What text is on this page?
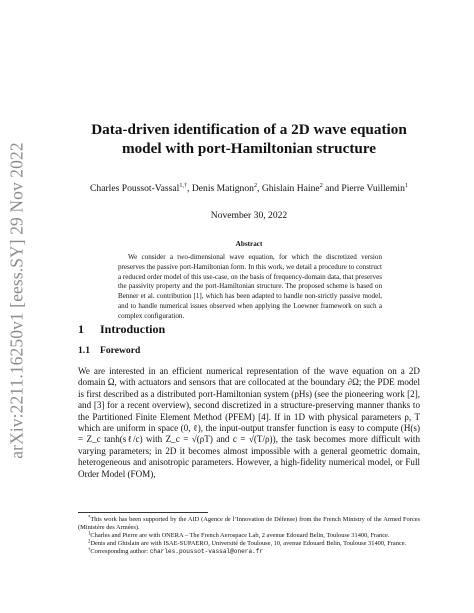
arXiv:2211.16250v1 [eess.SY] 29 Nov 2022
Data-driven identification of a 2D wave equation model with port-Hamiltonian structure
Charles Poussot-Vassal$^{1,\dagger}$, Denis Matignon$^2$, Ghislain Haine$^2$ and Pierre Vuillemin$^1$
November 30, 2022
Abstract
We consider a two-dimensional wave equation, for which the discretized version preserves the passive port-Hamiltonian form. In this work, we detail a procedure to construct a reduced order model of this use-case, on the basis of frequency-domain data, that preserves the passivity property and the port-Hamiltonian structure. The proposed scheme is based on Benner et al. contribution [1], which has been adapted to handle non-strictly passive model, and to handle numerical issues observed when applying the Loewner framework on such a complex configuration.
1 Introduction
1.1 Foreword
We are interested in an efficient numerical representation of the wave equation on a 2D domain Ω, with actuators and sensors that are collocated at the boundary ∂Ω; the PDE model is first described as a distributed port-Hamiltonian system (pHs) (see the pioneering work [2], and [3] for a recent overview), second discretized in a structure-preserving manner thanks to the Partitioned Finite Element Method (PFEM) [4]. If in 1D with physical parameters ρ, T which are uniform in space (0, ℓ), the input-output transfer function is easy to compute (H(s) = Z_c tanh(sℓ/c) with Z_c = √(ρT) and c = √(T/ρ)), the task becomes more difficult with varying parameters; in 2D it becomes almost impossible with a general geometric domain, heterogeneous and anisotropic parameters. However, a high-fidelity numerical model, or Full Order Model (FOM),

*This work has been supported by the AID (Agence de l’Innovation de Défense) from the French Ministry of the Armed Forces (Ministère des Armées).

$^1$Charles and Pierre are with ONERA – The French Aerospace Lab, 2 avenue Edouard Belin, Toulouse 31400, France.

$^2$Denis and Ghislain are with ISAE-SUPAERO, Université de Toulouse, 10, avenue Edouard Belin, Toulouse 31400, France.

†Corresponding author: charles.poussot-vassal@onera.fr
